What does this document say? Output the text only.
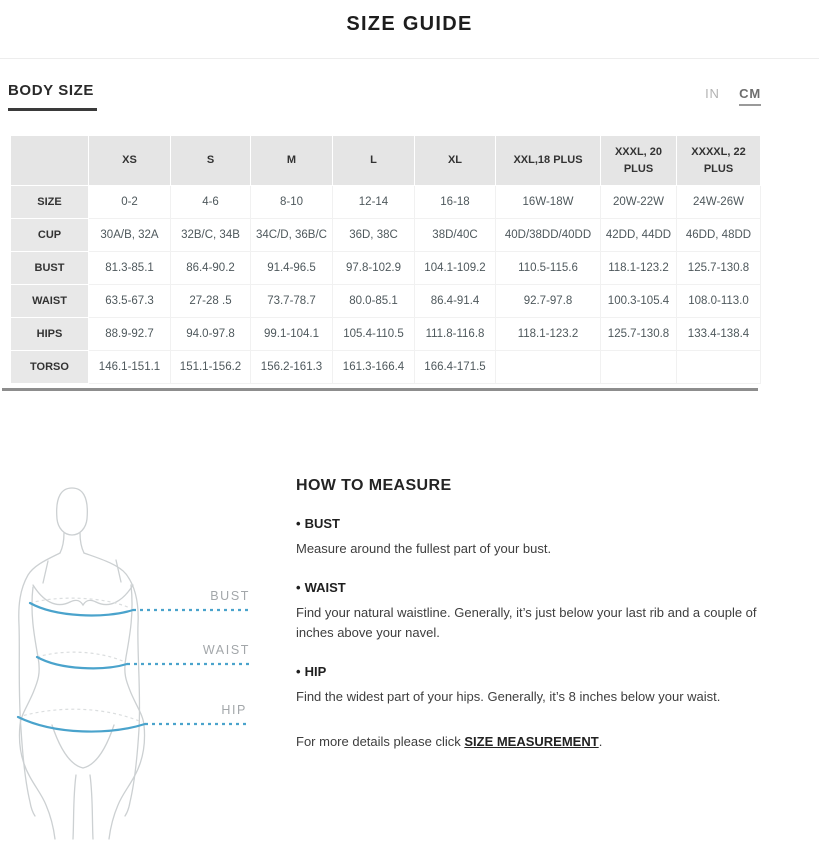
SIZE GUIDE
BODY SIZE	IN CM
	XS	S	M	L	XL	XXL,18 PLUS	XXXL, 20 PLUS	XXXXL, 22 PLUS
SIZE	0-2	4-6	8-10	12-14	16-18	16W-18W	20W-22W	24W-26W
CUP	30A/B, 32A	32B/C, 34B	34C/D, 36B/C	36D, 38C	38D/40C	40D/38DD/40DD	42DD, 44DD	46DD, 48DD
BUST	81.3-85.1	86.4-90.2	91.4-96.5	97.8-102.9	104.1-109.2	110.5-115.6	118.1-123.2	125.7-130.8
WAIST	63.5-67.3	27-28 .5	73.7-78.7	80.0-85.1	86.4-91.4	92.7-97.8	100.3-105.4	108.0-113.0
HIPS	88.9-92.7	94.0-97.8	99.1-104.1	105.4-110.5	111.8-116.8	118.1-123.2	125.7-130.8	133.4-138.4
TORSO	146.1-151.1	151.1-156.2	156.2-161.3	161.3-166.4	166.4-171.5			
BUST
WAIST
HIP
HOW TO MEASURE
• BUST

Measure around the fullest part of your bust.

• WAIST

Find your natural waistline. Generally, it’s just below your last rib and a couple of inches above your navel.

• HIP

Find the widest part of your hips. Generally, it’s 8 inches below your waist.

For more details please click SIZE MEASUREMENT.
